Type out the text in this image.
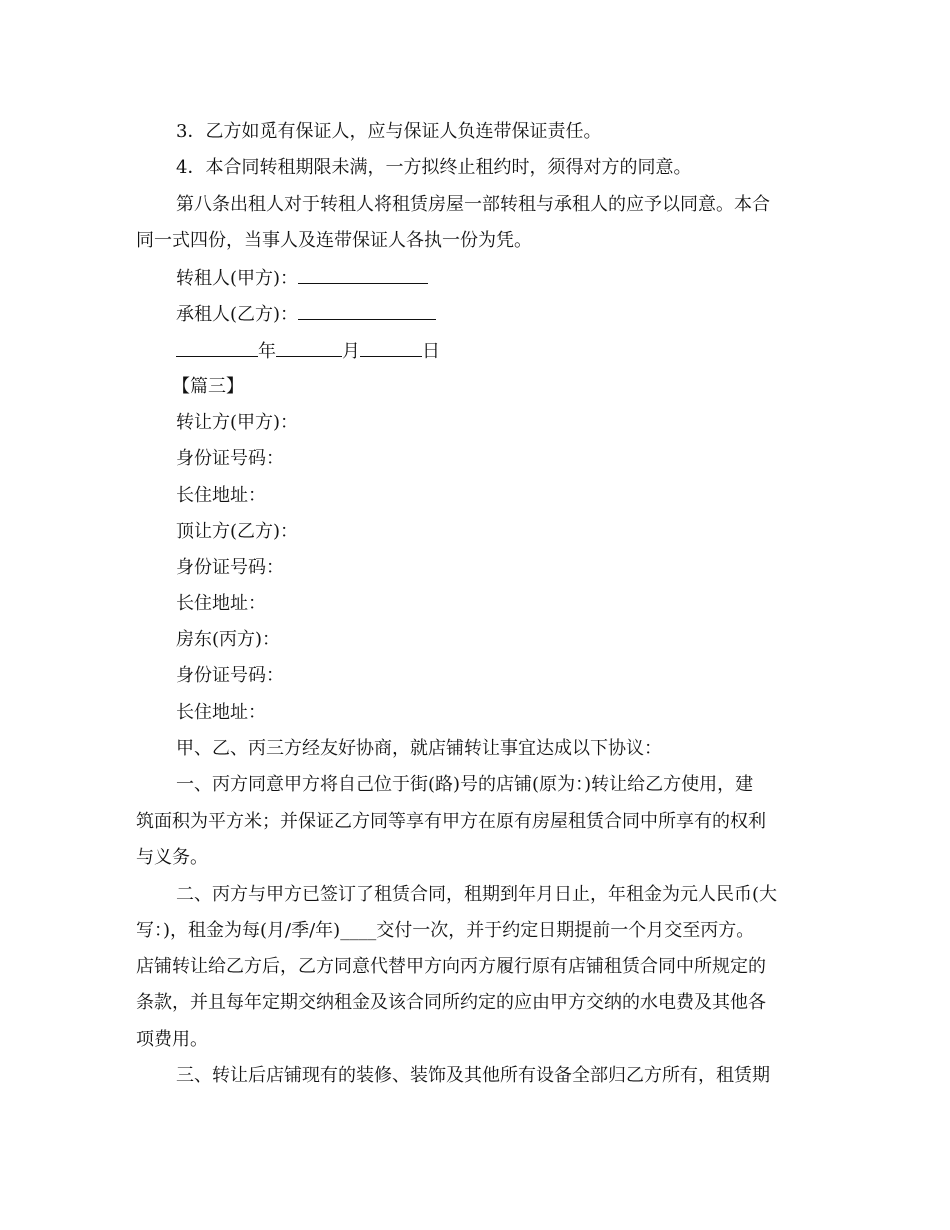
3．乙方如觅有保证人，应与保证人负连带保证责任。
4．本合同转租期限未满，一方拟终止租约时，须得对方的同意。
第八条出租人对于转租人将租赁房屋一部转租与承租人的应予以同意。本合
同一式四份，当事人及连带保证人各执一份为凭。
转租人(甲方)：
承租人(乙方)：
年	月	日
【篇三】
转让方(甲方)：
身份证号码：
长住地址：
顶让方(乙方)：
身份证号码：
长住地址：
房东(丙方)：
身份证号码：
长住地址：
甲、乙、丙三方经友好协商，就店铺转让事宜达成以下协议：
一、丙方同意甲方将自己位于街(路)号的店铺(原为：)转让给乙方使用，建
筑面积为平方米；并保证乙方同等享有甲方在原有房屋租赁合同中所享有的权利
与义务。
二、丙方与甲方已签订了租赁合同，租期到年月日止，年租金为元人民币(大
写：)，租金为每(月/季/年)____交付一次，并于约定日期提前一个月交至丙方。
店铺转让给乙方后，乙方同意代替甲方向丙方履行原有店铺租赁合同中所规定的
条款，并且每年定期交纳租金及该合同所约定的应由甲方交纳的水电费及其他各
项费用。
三、转让后店铺现有的装修、装饰及其他所有设备全部归乙方所有，租赁期
